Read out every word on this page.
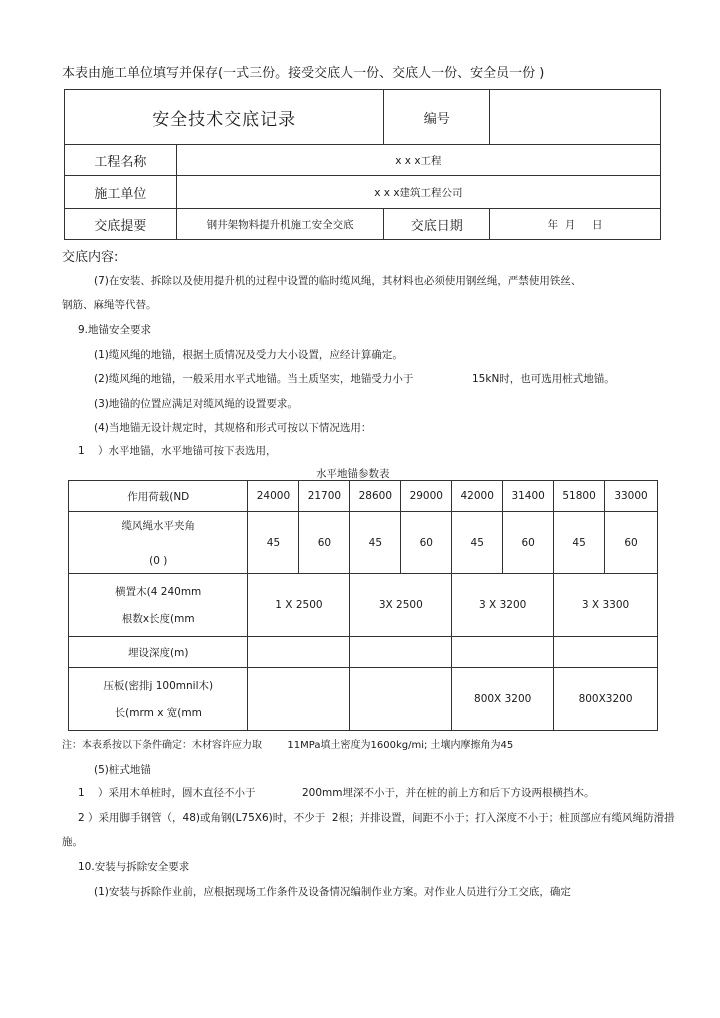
本表由施工单位填写并保存(一式三份。接受交底人一份、交底人一份、安全员一份 )
安全技术交底记录		编号	
工程名称	x x x工程		
施工单位	x x x建筑工程公司		
交底提要	钢井架物料提升机施工安全交底	交底日期	年  月     日
交底内容:
(7)在安装、拆除以及使用提升机的过程中设置的临时缆风绳，其材料也必须使用钢丝绳，严禁使用铁丝、
钢筋、麻绳等代替。
9.地锚安全要求
(1)缆风绳的地锚，根据土质情况及受力大小设置，应经计算确定。
(2)缆风绳的地锚，一般采用水平式地锚。当土质坚实，地锚受力小于	15kN时，也可选用桩式地锚。
(3)地锚的位置应满足对缆风绳的设置要求。
(4)当地锚无设计规定时，其规格和形式可按以下情况选用：
1    ）水平地锚，水平地锚可按下表选用，
水平地锚参数表
作用荷载(ND	24000	21700	28600	29000	42000	31400	51800	33000

缆风绳水平夹角
(0 )	45	60	45	60	45	60	45	60

横置木(4 240mm
根数x长度(mm	1 X 2500		3X 2500		3 X 3200		3 X 3300	
埋设深度(m)								

压板(密排j 100mnil木)
长(mrm x 宽(mm					800X 3200		800X3200	
注：本表系按以下条件确定：木材容许应力取        11MPa填土密度为1600kg/mi; 土壤内摩擦角为45
(5)桩式地锚
1    ）采用木单桩时，圆木直径不小于	200mm埋深不小于，并在桩的前上方和后下方设两根横挡木。
2 ）采用脚手钢管（，48)或角钢(L75X6)时，不少于  2根；并排设置，间距不小于；打入深度不小于；桩顶部应有缆风绳防滑措
施。
10.安装与拆除安全要求
(1)安装与拆除作业前，应根据现场工作条件及设备情况编制作业方案。对作业人员进行分工交底，确定
